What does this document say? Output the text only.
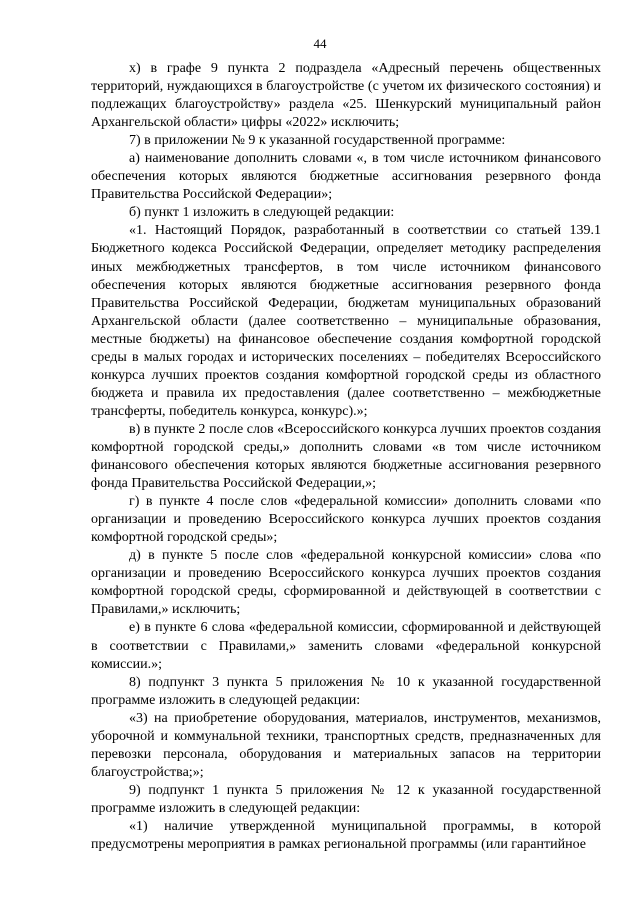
44

х) в графе 9 пункта 2 подраздела «Адресный перечень общественных территорий, нуждающихся в благоустройстве (с учетом их физического состояния) и подлежащих благоустройству» раздела «25. Шенкурский муниципальный район Архангельской области» цифры «2022» исключить;

7) в приложении № 9 к указанной государственной программе:

а) наименование дополнить словами «, в том числе источником финансового обеспечения которых являются бюджетные ассигнования резервного фонда Правительства Российской Федерации»;

б) пункт 1 изложить в следующей редакции:

«1. Настоящий Порядок, разработанный в соответствии со статьей 139.1 Бюджетного кодекса Российской Федерации, определяет методику распределения иных межбюджетных трансфертов, в том числе источником финансового обеспечения которых являются бюджетные ассигнования резервного фонда Правительства Российской Федерации, бюджетам муниципальных образований Архангельской области (далее соответственно – муниципальные образования, местные бюджеты) на финансовое обеспечение создания комфортной городской среды в малых городах и исторических поселениях – победителях Всероссийского конкурса лучших проектов создания комфортной городской среды из областного бюджета и правила их предоставления (далее соответственно – межбюджетные трансферты, победитель конкурса, конкурс).»;

в) в пункте 2 после слов «Всероссийского конкурса лучших проектов создания комфортной городской среды,» дополнить словами «в том числе источником финансового обеспечения которых являются бюджетные ассигнования резервного фонда Правительства Российской Федерации,»;

г) в пункте 4 после слов «федеральной комиссии» дополнить словами «по организации и проведению Всероссийского конкурса лучших проектов создания комфортной городской среды»;

д) в пункте 5 после слов «федеральной конкурсной комиссии» слова «по организации и проведению Всероссийского конкурса лучших проектов создания комфортной городской среды, сформированной и действующей в соответствии с Правилами,» исключить;

е) в пункте 6 слова «федеральной комиссии, сформированной и действующей в соответствии с Правилами,» заменить словами «федеральной конкурсной комиссии.»;

8) подпункт 3 пункта 5 приложения № 10 к указанной государственной программе изложить в следующей редакции:

«3) на приобретение оборудования, материалов, инструментов, механизмов, уборочной и коммунальной техники, транспортных средств, предназначенных для перевозки персонала, оборудования и материальных запасов на территории благоустройства;»;

9) подпункт 1 пункта 5 приложения № 12 к указанной государственной программе изложить в следующей редакции:

«1) наличие утвержденной муниципальной программы, в которой предусмотрены мероприятия в рамках региональной программы (или гарантийное
